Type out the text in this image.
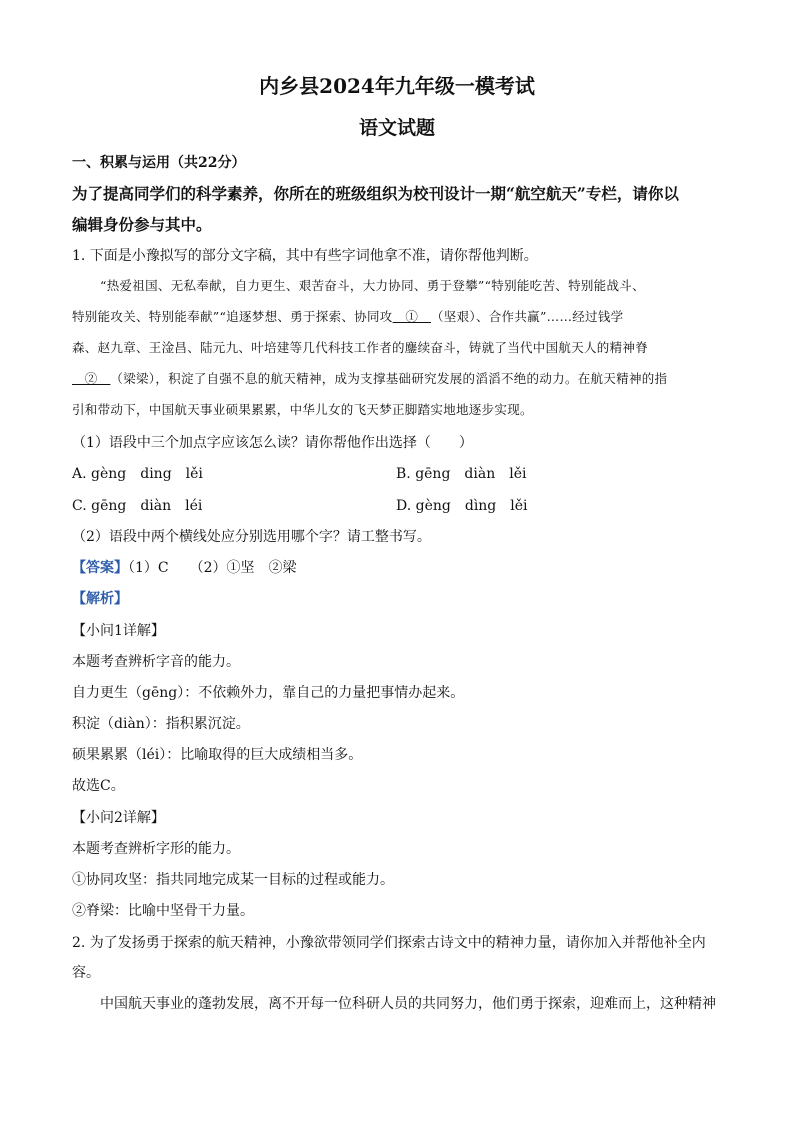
内乡县2024年九年级一模考试
语文试题
一、积累与运用（共22分）
为了提高同学们的科学素养，你所在的班级组织为校刊设计一期“航空航天”专栏，请你以
编辑身份参与其中。
1. 下面是小豫拟写的部分文字稿，其中有些字词他拿不准，请你帮他判断。
“热爱祖国、无私奉献，自力更生、艰苦奋斗，大力协同、勇于登攀”“特别能吃苦、特别能战斗、
特别能攻关、特别能奉献”“追逐梦想、勇于探索、协同攻　①　（坚艰）、合作共赢”……经过钱学
森、赵九章、王淦昌、陆元九、叶培建等几代科技工作者的鏖续奋斗，铸就了当代中国航天人的精神脊
　②　（梁梁），积淀了自强不息的航天精神，成为支撑基础研究发展的滔滔不绝的动力。在航天精神的指
引和带动下，中国航天事业硕果累累，中华儿女的飞天梦正脚踏实地地逐步实现。
（1）语段中三个加点字应该怎么读？请你帮他作出选择（　　）
A. gèng　ding　lěi	B. gēng　diàn　lěi
C. gēng　diàn　léi	D. gèng　dìng　lěi
（2）语段中两个横线处应分别选用哪个字？请工整书写。
【答案】（1）C　　（2）①坚　②梁
【解析】
【小问1详解】
本题考查辨析字音的能力。
自力更生（gēng）：不依赖外力，靠自己的力量把事情办起来。
积淀（diàn）：指积累沉淀。
硕果累累（léi）：比喻取得的巨大成绩相当多。
故选C。
【小问2详解】
本题考查辨析字形的能力。
①协同攻坚：指共同地完成某一目标的过程或能力。
②脊梁：比喻中坚骨干力量。
2. 为了发扬勇于探索的航天精神，小豫欲带领同学们探索古诗文中的精神力量，请你加入并帮他补全内
容。
中国航天事业的蓬勃发展，离不开每一位科研人员的共同努力，他们勇于探索，迎难而上，这种精神
